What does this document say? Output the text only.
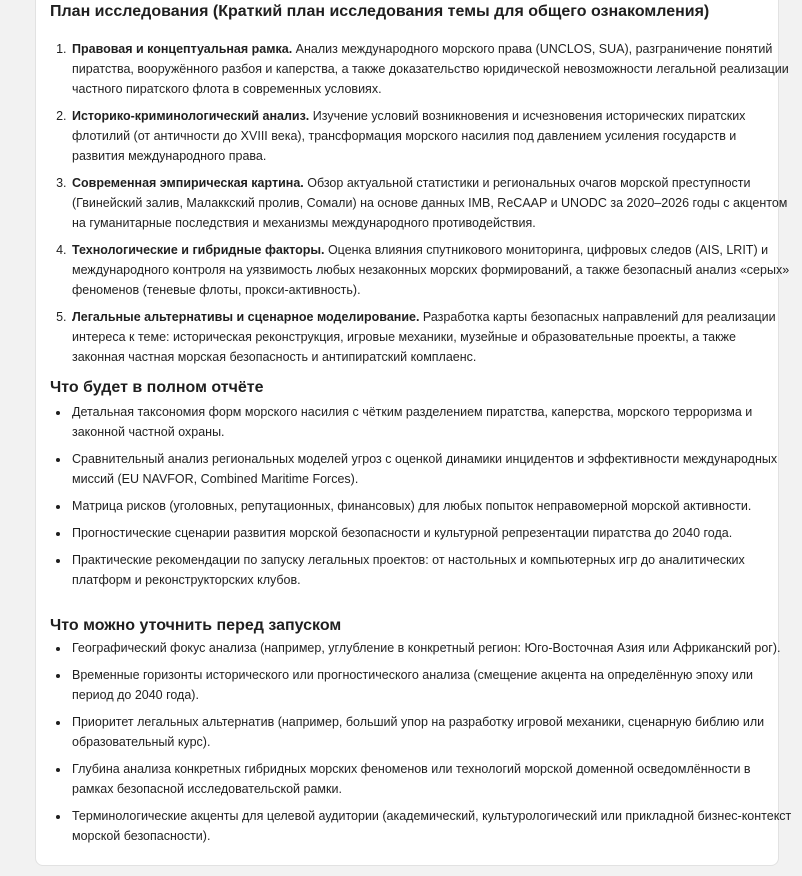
План исследования (Краткий план исследования темы для общего ознакомления)
1. Правовая и концептуальная рамка. Анализ международного морского права (UNCLOS, SUA), разграничение понятий пиратства, вооружённого разбоя и каперства, а также доказательство юридической невозможности легальной реализации частного пиратского флота в современных условиях.
2. Историко-криминологический анализ. Изучение условий возникновения и исчезновения исторических пиратских флотилий (от античности до XVIII века), трансформация морского насилия под давлением усиления государств и развития международного права.
3. Современная эмпирическая картина. Обзор актуальной статистики и региональных очагов морской преступности (Гвинейский залив, Малаккский пролив, Сомали) на основе данных IMB, ReCAAP и UNODC за 2020–2026 годы с акцентом на гуманитарные последствия и механизмы международного противодействия.
4. Технологические и гибридные факторы. Оценка влияния спутникового мониторинга, цифровых следов (AIS, LRIT) и международного контроля на уязвимость любых незаконных морских формирований, а также безопасный анализ «серых» феноменов (теневые флоты, прокси-активность).
5. Легальные альтернативы и сценарное моделирование. Разработка карты безопасных направлений для реализации интереса к теме: историческая реконструкция, игровые механики, музейные и образовательные проекты, а также законная частная морская безопасность и антипиратский комплаенс.
Что будет в полном отчёте
• Детальная таксономия форм морского насилия с чётким разделением пиратства, каперства, морского терроризма и законной частной охраны.
• Сравнительный анализ региональных моделей угроз с оценкой динамики инцидентов и эффективности международных миссий (EU NAVFOR, Combined Maritime Forces).
• Матрица рисков (уголовных, репутационных, финансовых) для любых попыток неправомерной морской активности.
• Прогностические сценарии развития морской безопасности и культурной репрезентации пиратства до 2040 года.
• Практические рекомендации по запуску легальных проектов: от настольных и компьютерных игр до аналитических платформ и реконструкторских клубов.
Что можно уточнить перед запуском
• Географический фокус анализа (например, углубление в конкретный регион: Юго-Восточная Азия или Африканский рог).
• Временные горизонты исторического или прогностического анализа (смещение акцента на определённую эпоху или период до 2040 года).
• Приоритет легальных альтернатив (например, больший упор на разработку игровой механики, сценарную библию или образовательный курс).
• Глубина анализа конкретных гибридных морских феноменов или технологий морской доменной осведомлённости в рамках безопасной исследовательской рамки.
• Терминологические акценты для целевой аудитории (академический, культурологический или прикладной бизнес-контекст морской безопасности).
